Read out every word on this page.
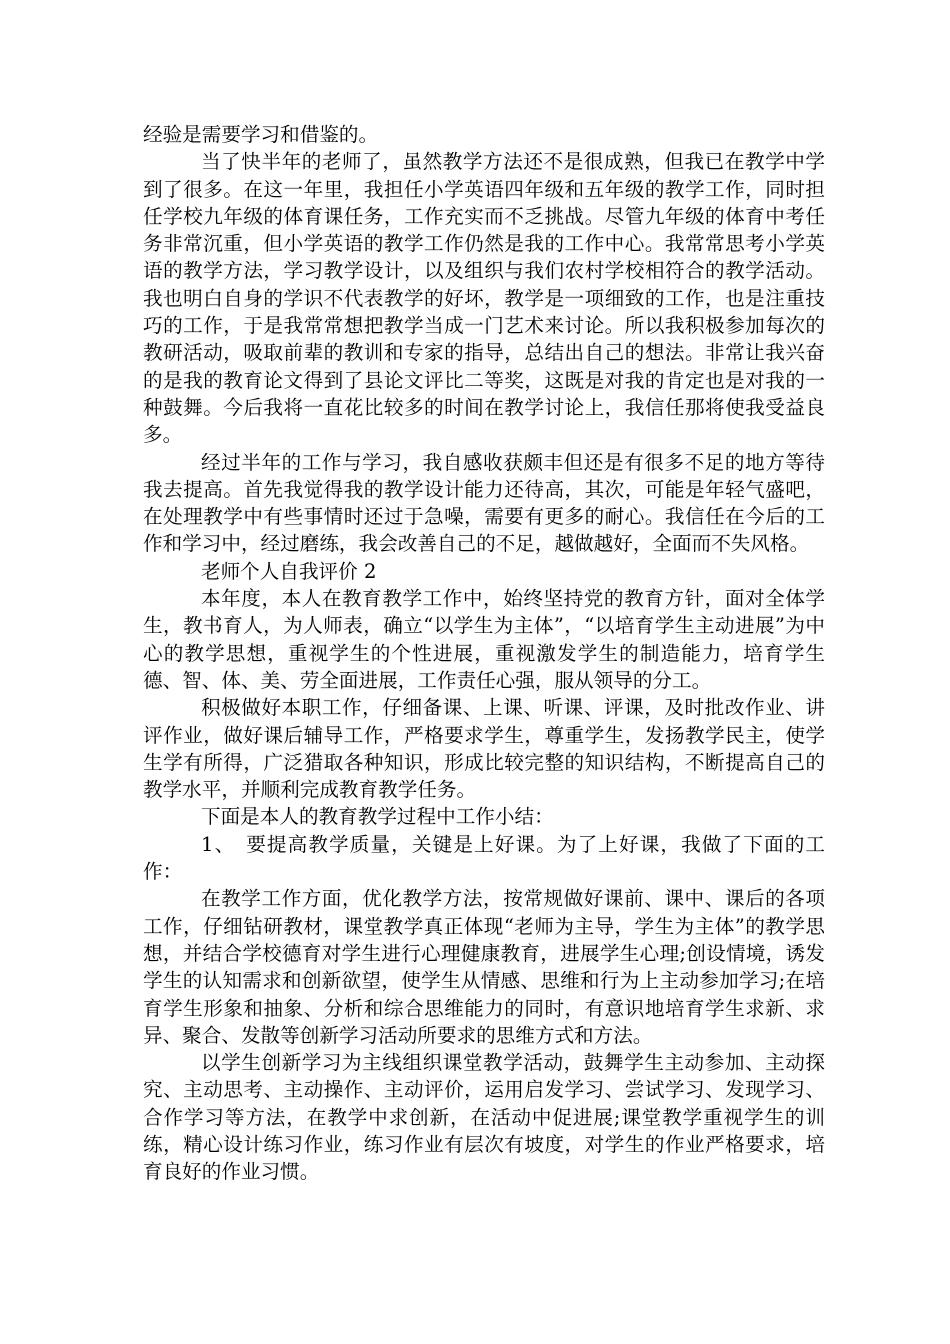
经验是需要学习和借鉴的。

当了快半年的老师了，虽然教学方法还不是很成熟，但我已在教学中学到了很多。在这一年里，我担任小学英语四年级和五年级的教学工作，同时担任学校九年级的体育课任务，工作充实而不乏挑战。尽管九年级的体育中考任务非常沉重，但小学英语的教学工作仍然是我的工作中心。我常常思考小学英语的教学方法，学习教学设计，以及组织与我们农村学校相符合的教学活动。我也明白自身的学识不代表教学的好坏，教学是一项细致的工作，也是注重技巧的工作，于是我常常想把教学当成一门艺术来讨论。所以我积极参加每次的教研活动，吸取前辈的教训和专家的指导，总结出自己的想法。非常让我兴奋的是我的教育论文得到了县论文评比二等奖，这既是对我的肯定也是对我的一种鼓舞。今后我将一直花比较多的时间在教学讨论上，我信任那将使我受益良多。

经过半年的工作与学习，我自感收获颇丰但还是有很多不足的地方等待我去提高。首先我觉得我的教学设计能力还待高，其次，可能是年轻气盛吧，在处理教学中有些事情时还过于急噪，需要有更多的耐心。我信任在今后的工作和学习中，经过磨练，我会改善自己的不足，越做越好，全面而不失风格。

老师个人自我评价 2

本年度，本人在教育教学工作中，始终坚持党的教育方针，面对全体学生，教书育人，为人师表，确立“以学生为主体”，“以培育学生主动进展”为中心的教学思想，重视学生的个性进展，重视激发学生的制造能力，培育学生德、智、体、美、劳全面进展，工作责任心强，服从领导的分工。

积极做好本职工作，仔细备课、上课、听课、评课，及时批改作业、讲评作业，做好课后辅导工作，严格要求学生，尊重学生，发扬教学民主，使学生学有所得，广泛猎取各种知识，形成比较完整的知识结构，不断提高自己的教学水平，并顺利完成教育教学任务。

下面是本人的教育教学过程中工作小结：

1、　要提高教学质量，关键是上好课。为了上好课，我做了下面的工作：

在教学工作方面，优化教学方法，按常规做好课前、课中、课后的各项工作，仔细钻研教材，课堂教学真正体现“老师为主导，学生为主体”的教学思想，并结合学校德育对学生进行心理健康教育，进展学生心理;创设情境，诱发学生的认知需求和创新欲望，使学生从情感、思维和行为上主动参加学习;在培育学生形象和抽象、分析和综合思维能力的同时，有意识地培育学生求新、求异、聚合、发散等创新学习活动所要求的思维方式和方法。

以学生创新学习为主线组织课堂教学活动，鼓舞学生主动参加、主动探究、主动思考、主动操作、主动评价，运用启发学习、尝试学习、发现学习、合作学习等方法，在教学中求创新，在活动中促进展;课堂教学重视学生的训练，精心设计练习作业，练习作业有层次有坡度，对学生的作业严格要求，培育良好的作业习惯。
